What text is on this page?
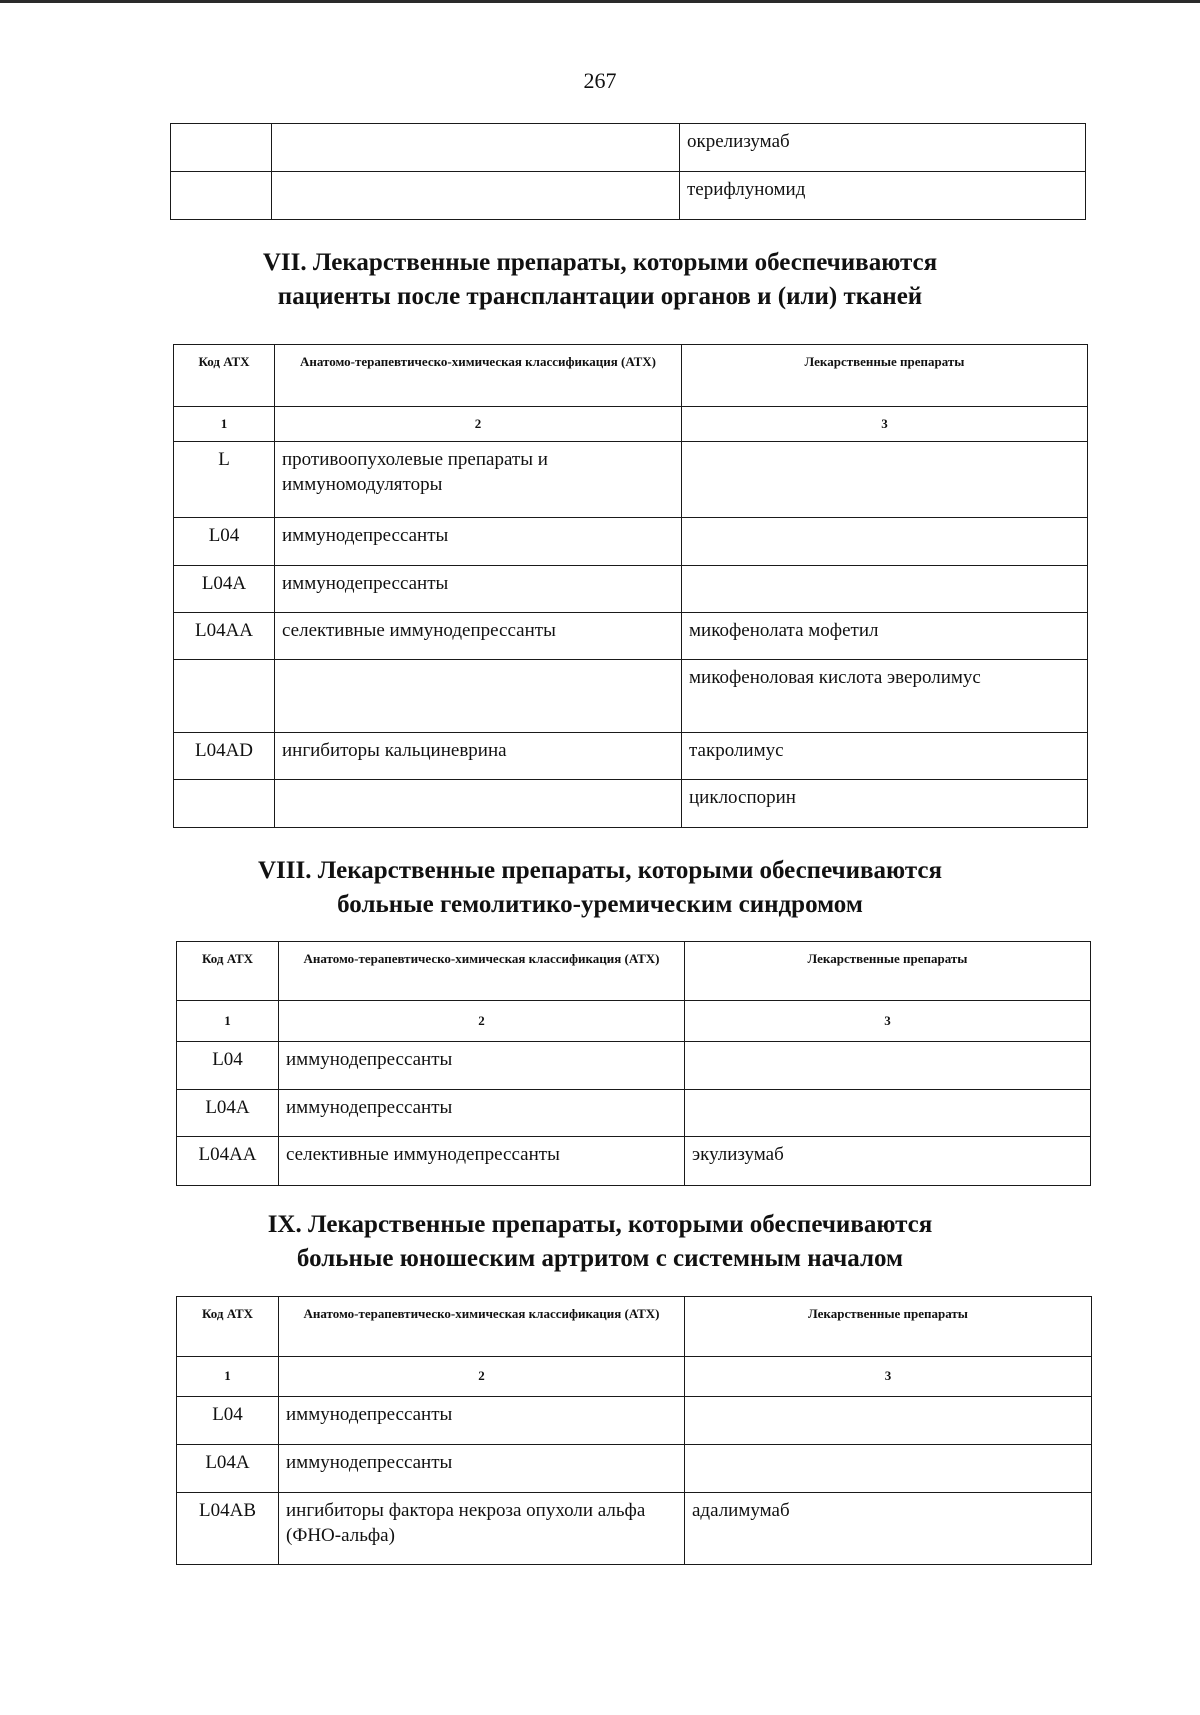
267
		окрелизумаб
		терифлуномид
VII. Лекарственные препараты, которыми обеспечиваются
пациенты после трансплантации органов и (или) тканей
Код АТХ	Анатомо-терапевтическо-химическая классификация (АТХ)	Лекарственные препараты
1	2	3
L	противоопухолевые препараты и иммуномодуляторы	
L04	иммунодепрессанты	
L04A	иммунодепрессанты	
L04AA	селективные иммунодепрессанты	микофенолата мофетил
		микофеноловая кислота эверолимус
L04AD	ингибиторы кальциневрина	такролимус
		циклоспорин
VIII. Лекарственные препараты, которыми обеспечиваются
больные гемолитико-уремическим синдромом
Код АТХ	Анатомо-терапевтическо-химическая классификация (АТХ)	Лекарственные препараты
1	2	3
L04	иммунодепрессанты	
L04A	иммунодепрессанты	
L04AA	селективные иммунодепрессанты	экулизумаб
IX. Лекарственные препараты, которыми обеспечиваются
больные юношеским артритом с системным началом
Код АТХ	Анатомо-терапевтическо-химическая классификация (АТХ)	Лекарственные препараты
1	2	3
L04	иммунодепрессанты	
L04A	иммунодепрессанты	
L04AB	ингибиторы фактора некроза опухоли альфа (ФНО-альфа)	адалимумаб
